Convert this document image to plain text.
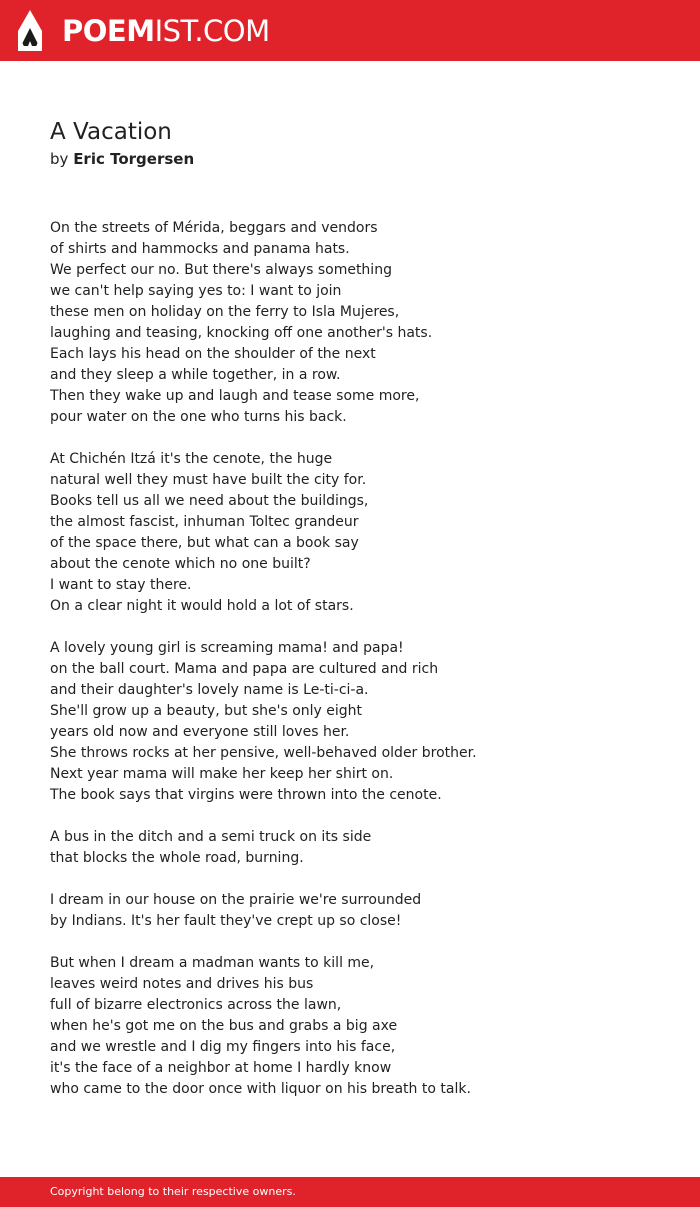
POEMIST.COM
A Vacation
by Eric Torgersen
On the streets of Mérida, beggars and vendors
of shirts and hammocks and panama hats.
We perfect our no. But there's always something
we can't help saying yes to: I want to join
these men on holiday on the ferry to Isla Mujeres,
laughing and teasing, knocking off one another's hats.
Each lays his head on the shoulder of the next
and they sleep a while together, in a row.
Then they wake up and laugh and tease some more,
pour water on the one who turns his back.
At Chichén Itzá it's the cenote, the huge
natural well they must have built the city for.
Books tell us all we need about the buildings,
the almost fascist, inhuman Toltec grandeur
of the space there, but what can a book say
about the cenote which no one built?
I want to stay there.
On a clear night it would hold a lot of stars.
A lovely young girl is screaming mama! and papa!
on the ball court. Mama and papa are cultured and rich
and their daughter's lovely name is Le-ti-ci-a.
She'll grow up a beauty, but she's only eight
years old now and everyone still loves her.
She throws rocks at her pensive, well-behaved older brother.
Next year mama will make her keep her shirt on.
The book says that virgins were thrown into the cenote.
A bus in the ditch and a semi truck on its side
that blocks the whole road, burning.
I dream in our house on the prairie we're surrounded
by Indians. It's her fault they've crept up so close!
But when I dream a madman wants to kill me,
leaves weird notes and drives his bus
full of bizarre electronics across the lawn,
when he's got me on the bus and grabs a big axe
and we wrestle and I dig my fingers into his face,
it's the face of a neighbor at home I hardly know
who came to the door once with liquor on his breath to talk.
Copyright belong to their respective owners.
